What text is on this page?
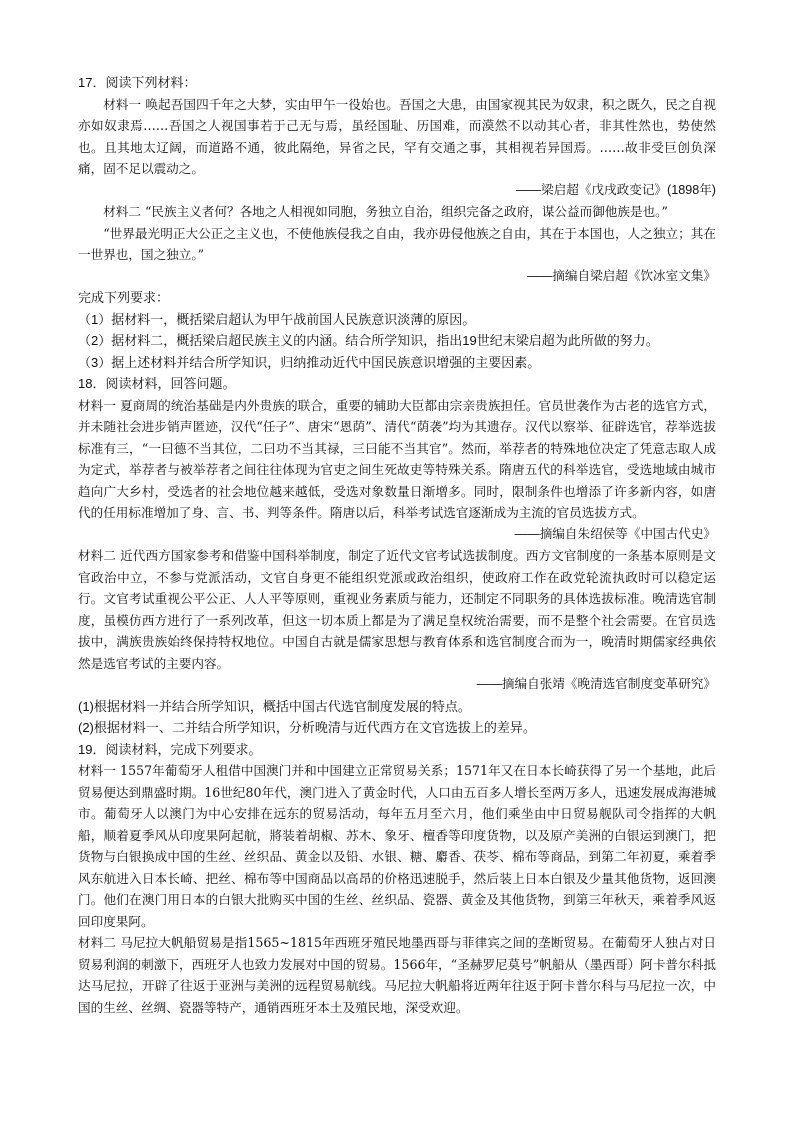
17．阅读下列材料：

材料一 唤起吾国四千年之大梦，实由甲午一役始也。吾国之大患，由国家视其民为奴隶，积之既久，民之自视亦如奴隶焉……吾国之人视国事若于己无与焉，虽经国耻、历国难，而漠然不以动其心者，非其性然也，势使然也。且其地太辽阔，而道路不通，彼此隔绝，异省之民，罕有交通之事，其相视若异国焉。……故非受巨创负深痛，固不足以震动之。

——梁启超《戊戌政变记》(1898年)

材料二 “民族主义者何？各地之人相视如同胞，务独立自治，组织完备之政府，谋公益而御他族是也。”

“世界最光明正大公正之主义也，不使他族侵我之自由，我亦毋侵他族之自由，其在于本国也，人之独立；其在一世界也，国之独立。”

——摘编自梁启超《饮冰室文集》

完成下列要求：

（1）据材料一，概括梁启超认为甲午战前国人民族意识淡薄的原因。

（2）据材料二，概括梁启超民族主义的内涵。结合所学知识，指出19世纪末梁启超为此所做的努力。

（3）据上述材料并结合所学知识，归纳推动近代中国民族意识增强的主要因素。

18．阅读材料，回答问题。

材料一 夏商周的统治基础是内外贵族的联合，重要的辅助大臣都由宗亲贵族担任。官员世袭作为古老的选官方式，并未随社会进步销声匿迹，汉代“任子”、唐宋“恩荫”、清代“荫袭”均为其遗存。汉代以察举、征辟选官，荐举选拔标准有三，“一曰德不当其位，二曰功不当其禄，三曰能不当其官”。然而，举荐者的特殊地位决定了凭意志取人成为定式，举荐者与被举荐者之间往往体现为官吏之间生死故吏等特殊关系。隋唐五代的科举选官，受选地域由城市趋向广大乡村，受选者的社会地位越来越低，受选对象数量日渐增多。同时，限制条件也增添了许多新内容，如唐代的任用标准增加了身、言、书、判等条件。隋唐以后，科举考试选官逐渐成为主流的官员选拔方式。

——摘编自朱绍侯等《中国古代史》

材料二 近代西方国家参考和借鉴中国科举制度，制定了近代文官考试选拔制度。西方文官制度的一条基本原则是文官政治中立，不参与党派活动，文官自身更不能组织党派或政治组织，使政府工作在政党轮流执政时可以稳定运行。文官考试重视公平公正、人人平等原则，重视业务素质与能力，还制定不同职务的具体选拔标准。晚清选官制度，虽模仿西方进行了一系列改革，但这一切本质上都是为了满足皇权统治需要，而不是整个社会需要。在官员选拔中，满族贵族始终保持特权地位。中国自古就是儒家思想与教育体系和选官制度合而为一，晚清时期儒家经典依然是选官考试的主要内容。

——摘编自张靖《晚清选官制度变革研究》

(1)根据材料一并结合所学知识，概括中国古代选官制度发展的特点。

(2)根据材料一、二并结合所学知识，分析晚清与近代西方在文官选拔上的差异。

19．阅读材料，完成下列要求。

材料一 1557年葡萄牙人租借中国澳门并和中国建立正常贸易关系；1571年又在日本长崎获得了另一个基地，此后贸易便达到鼎盛时期。16世纪80年代，澳门进入了黄金时代，人口由五百多人增长至两万多人，迅速发展成海港城市。葡萄牙人以澳门为中心安排在远东的贸易活动，每年五月至六月，他们乘坐由中日贸易舰队司令指挥的大帆船，顺着夏季风从印度果阿起航，將装着胡椒、苏木、象牙、檀香等印度货物，以及原产美洲的白银运到澳门，把货物与白银换成中国的生丝、丝织品、黄金以及铅、水银、糖、麝香、茯苓、棉布等商品，到第二年初夏，乘着季风东航进入日本长崎、把丝、棉布等中国商品以高昂的价格迅速脱手，然后装上日本白银及少量其他货物，返回澳门。他们在澳门用日本的白银大批购买中国的生丝、丝织品、瓷器、黄金及其他货物，到第三年秋天，乘着季风返回印度果阿。

材料二 马尼拉大帆船贸易是指1565~1815年西班牙殖民地墨西哥与菲律宾之间的垄断贸易。在葡萄牙人独占对日贸易利润的刺激下，西班牙人也致力发展对中国的贸易。1566年，“圣赫罗尼莫号”帆船从（墨西哥）阿卡普尔科抵达马尼拉，开辟了往返于亚洲与美洲的远程贸易航线。马尼拉大帆船将近两年往返于阿卡普尔科与马尼拉一次，中国的生丝、丝绸、瓷器等特产，通销西班牙本土及殖民地，深受欢迎。
